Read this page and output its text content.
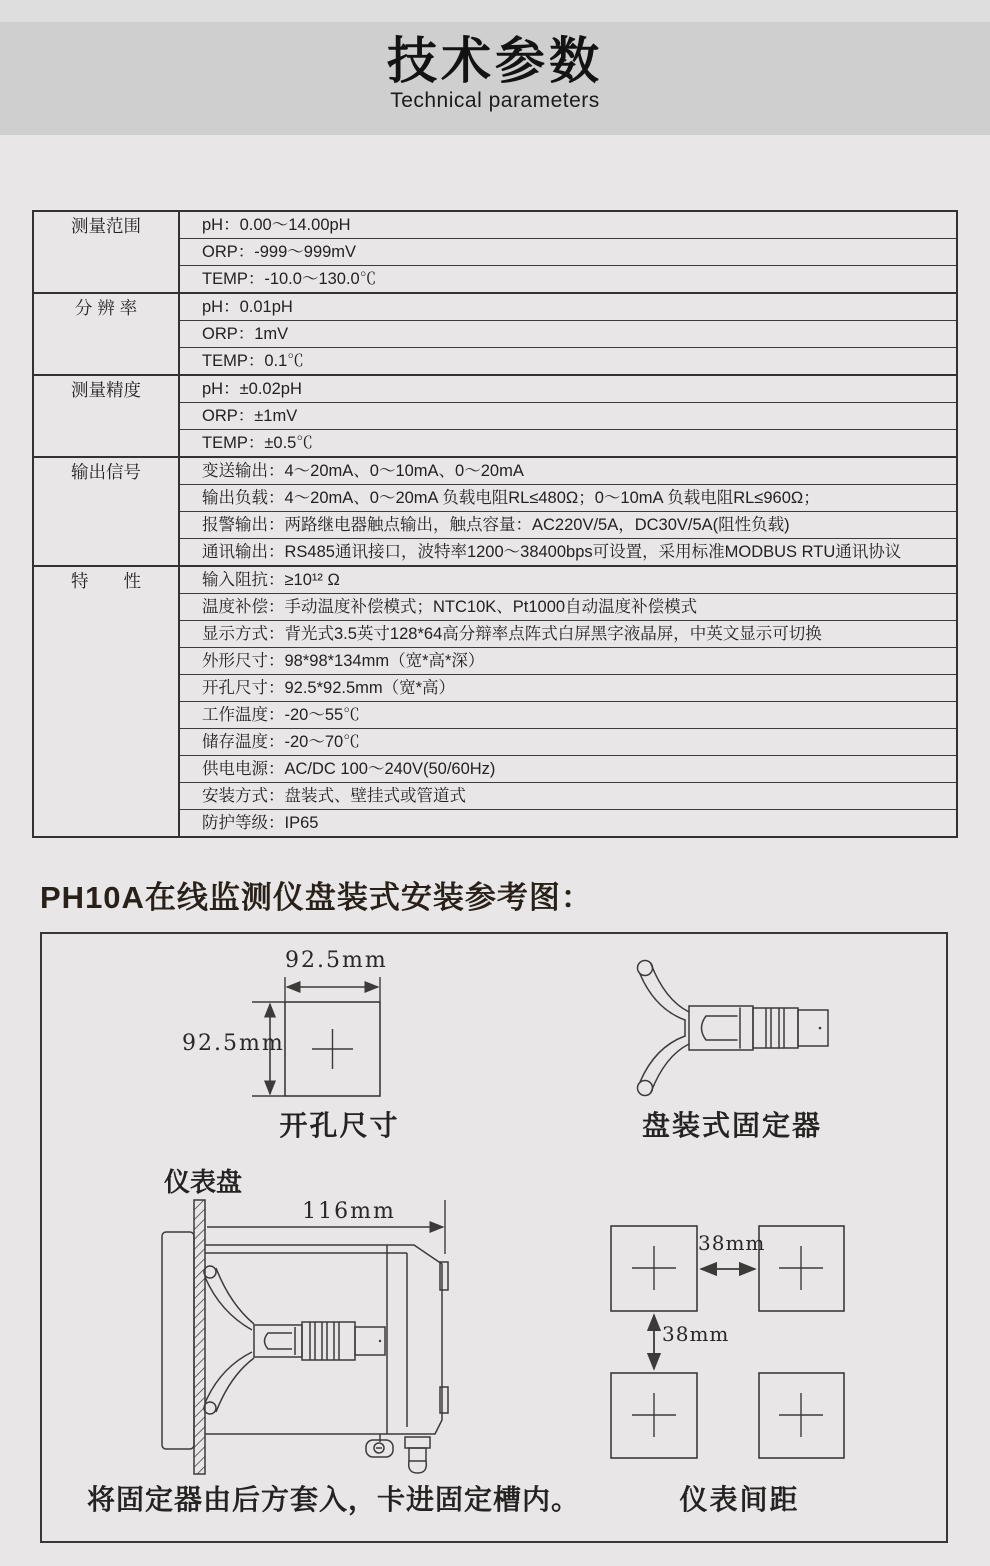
技术参数
Technical parameters
测量范围	pH：0.00～14.00pH
ORP：-999～999mV
TEMP：-10.0～130.0℃
分 辨 率	pH：0.01pH
ORP：1mV
TEMP：0.1℃
测量精度	pH：±0.02pH
ORP：±1mV
TEMP：±0.5℃
输出信号	变送输出：4～20mA、0～10mA、0～20mA
输出负载：4～20mA、0～20mA 负载电阻RL≤480Ω；0～10mA 负载电阻RL≤960Ω；
报警输出：两路继电器触点输出，触点容量：AC220V/5A，DC30V/5A(阻性负载)
通讯输出：RS485通讯接口，波特率1200～38400bps可设置，采用标准MODBUS RTU通讯协议
特　　性	输入阻抗：≥10¹² Ω
温度补偿：手动温度补偿模式；NTC10K、Pt1000自动温度补偿模式
显示方式：背光式3.5英寸128*64高分辩率点阵式白屏黑字液晶屏，中英文显示可切换
外形尺寸：98*98*134mm（宽*高*深）
开孔尺寸：92.5*92.5mm（宽*高）
工作温度：-20～55℃
储存温度：-20～70℃
供电电源：AC/DC 100～240V(50/60Hz)
安装方式：盘装式、壁挂式或管道式
防护等级：IP65
PH10A在线监测仪盘装式安装参考图：
92.5mm
92.5mm
开孔尺寸	盘装式固定器
仪表盘
116mm
将固定器由后方套入，卡进固定槽内。
38mm
38mm
仪表间距
